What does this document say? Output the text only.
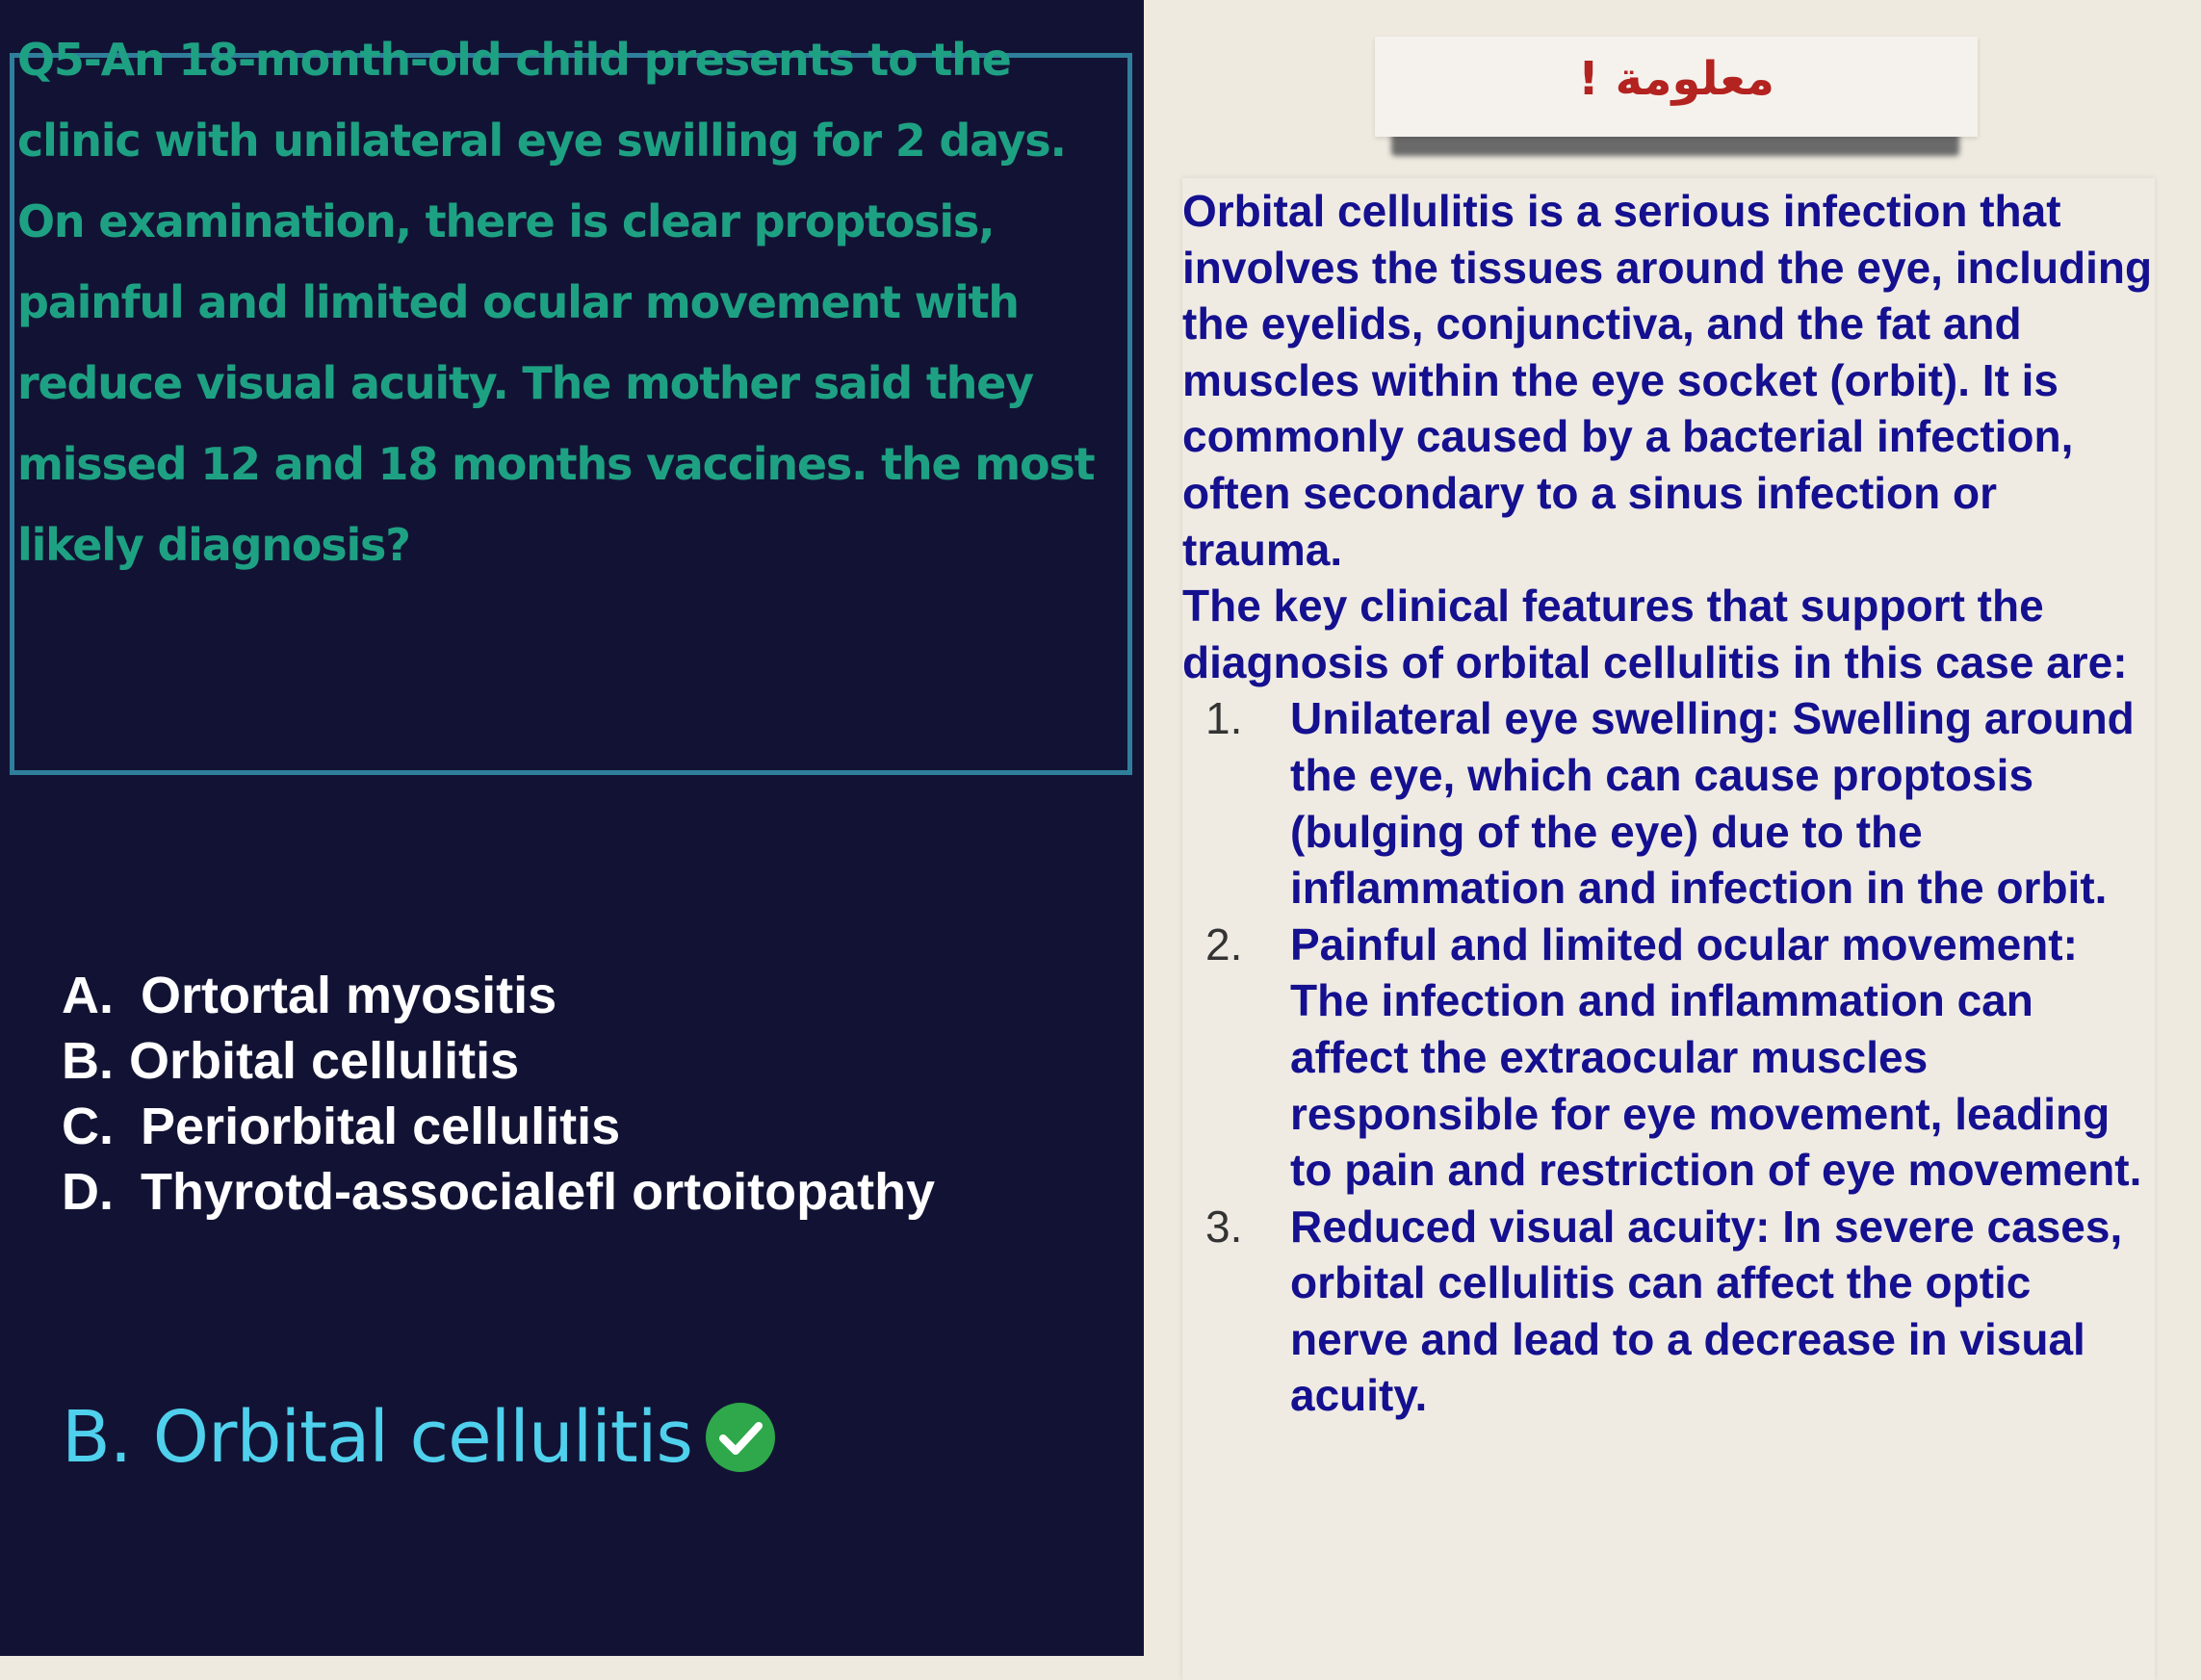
Q5-An 18-month-old child presents to the clinic with unilateral eye swilling for 2 days. On examination, there is clear proptosis, painful and limited ocular movement with reduce visual acuity. The mother said they missed 12 and 18 months vaccines. the most likely diagnosis?

A. Ortortal myositis
B. Orbital cellulitis
C. Periorbital cellulitis
D. Thyrotd-associalefl ortoitopathy
B. Orbital cellulitis
معلومة !

Orbital cellulitis is a serious infection that involves the tissues around the eye, including the eyelids, conjunctiva, and the fat and muscles within the eye socket (orbit). It is commonly caused by a bacterial infection, often secondary to a sinus infection or trauma.

The key clinical features that support the diagnosis of orbital cellulitis in this case are:

1. Unilateral eye swelling: Swelling around the eye, which can cause proptosis (bulging of the eye) due to the inflammation and infection in the orbit.
2. Painful and limited ocular movement: The infection and inflammation can affect the extraocular muscles responsible for eye movement, leading to pain and restriction of eye movement.
3. Reduced visual acuity: In severe cases, orbital cellulitis can affect the optic nerve and lead to a decrease in visual acuity.
